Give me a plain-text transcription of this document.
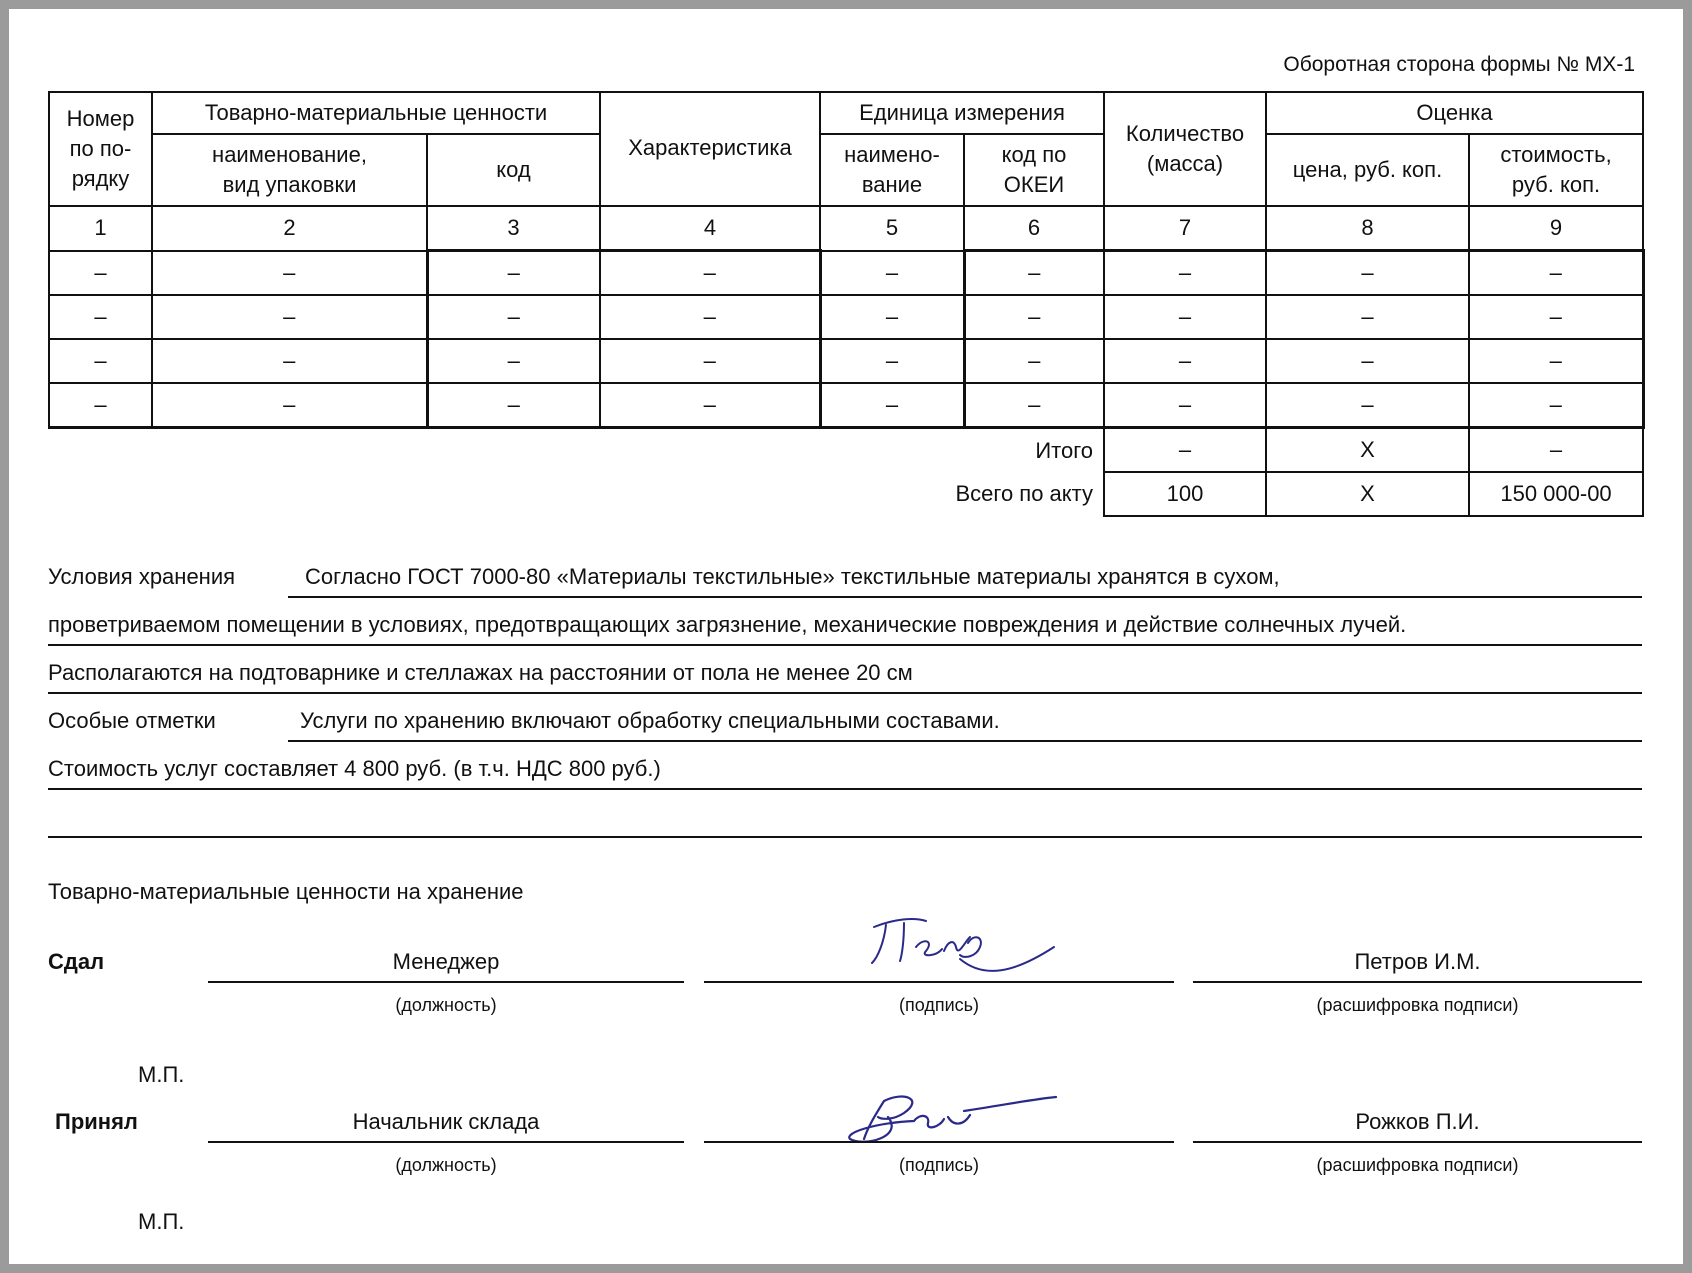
Оборотная сторона формы № МХ-1
Номер по по-рядку	Товарно-материальные ценности		Характеристика	Единица измерения		Количество (масса)	Оценка	
	наименование, вид упаковки	код		наимено-вание	код по ОКЕИ		цена, руб. коп.	стоимость, руб. коп.
1	2	3	4	5	6	7	8	9
–	–	–	–	–	–	–	–	–
–	–	–	–	–	–	–	–	–
–	–	–	–	–	–	–	–	–
–	–	–	–	–	–	–	–	–
Итого						–	Х	–
Всего по акту						100	Х	150 000-00
Условия хранения	Согласно ГОСТ 7000-80 «Материалы текстильные» текстильные материалы хранятся в сухом,
проветриваемом помещении в условиях, предотвращающих загрязнение, механические повреждения и действие солнечных лучей.
Располагаются на подтоварнике и стеллажах на расстоянии от пола не менее 20 см
Особые отметки	Услуги по хранению включают обработку специальными составами.
Стоимость услуг составляет 4 800 руб. (в т.ч. НДС 800 руб.)
Товарно-материальные ценности на хранение
Сдал	Менеджер
(должность)	(подпись)
Петров И.М.
(расшифровка подписи)
М.П.
Принял	Начальник склада
(должность)	(подпись)
Рожков П.И.
(расшифровка подписи)
М.П.
